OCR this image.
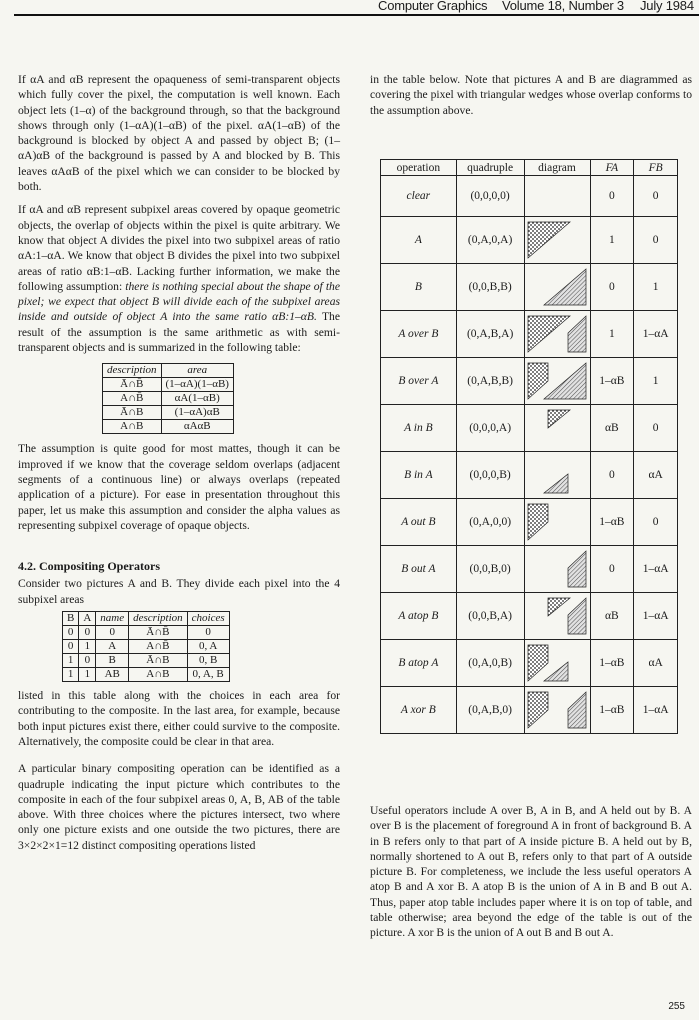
Computer Graphics Volume 18, Number 3 July 1984

If αA and αB represent the opaqueness of semi-transparent objects which fully cover the pixel, the computation is well known. Each object lets (1–α) of the background through, so that the background shows through only (1–αA)(1–αB) of the pixel. αA(1–αB) of the background is blocked by object A and passed by object B; (1–αA)αB of the background is passed by A and blocked by B. This leaves αAαB of the pixel which we can consider to be blocked by both.

If αA and αB represent subpixel areas covered by opaque geometric objects, the overlap of objects within the pixel is quite arbitrary. We know that object A divides the pixel into two subpixel areas of ratio αA:1–αA. We know that object B divides the pixel into two subpixel areas of ratio αB:1–αB. Lacking further information, we make the following assumption: there is nothing special about the shape of the pixel; we expect that object B will divide each of the subpixel areas inside and outside of object A into the same ratio αB:1–αB. The result of the assumption is the same arithmetic as with semi-transparent objects and is summarized in the following table:

description	area
Ā∩B̄	(1–αA)(1–αB)
A∩B̄	αA(1–αB)
Ā∩B	(1–αA)αB
A∩B	αAαB

The assumption is quite good for most mattes, though it can be improved if we know that the coverage seldom overlaps (adjacent segments of a continuous line) or always overlaps (repeated application of a picture). For ease in presentation throughout this paper, let us make this assumption and consider the alpha values as representing subpixel coverage of opaque objects.

4.2. Compositing Operators

Consider two pictures A and B. They divide each pixel into the 4 subpixel areas

B	A	name	description	choices
0	0	0	Ā∩B̄	0
0	1	A	A∩B̄	0, A
1	0	B	Ā∩B	0, B
1	1	AB	A∩B	0, A, B

listed in this table along with the choices in each area for contributing to the composite. In the last area, for example, because both input pictures exist there, either could survive to the composite. Alternatively, the composite could be clear in that area.

A particular binary compositing operation can be identified as a quadruple indicating the input picture which contributes to the composite in each of the four subpixel areas 0, A, B, AB of the table above. With three choices where the pictures intersect, two where only one picture exists and one outside the two pictures, there are 3×2×2×1=12 distinct compositing operations listed

in the table below. Note that pictures A and B are diagrammed as covering the pixel with triangular wedges whose overlap conforms to the assumption above.

operation	quadruple	diagram	FA	FB
clear	(0,0,0,0)		0	0
A	(0,A,0,A)		1	0
B	(0,0,B,B)		0	1
A over B	(0,A,B,A)		1	1–αA
B over A	(0,A,B,B)		1–αB	1
A in B	(0,0,0,A)		αB	0
B in A	(0,0,0,B)		0	αA
A out B	(0,A,0,0)		1–αB	0
B out A	(0,0,B,0)		0	1–αA
A atop B	(0,0,B,A)		αB	1–αA
B atop A	(0,A,0,B)		1–αB	αA
A xor B	(0,A,B,0)		1–αB	1–αA

Useful operators include A over B, A in B, and A held out by B. A over B is the placement of foreground A in front of background B. A in B refers only to that part of A inside picture B. A held out by B, normally shortened to A out B, refers only to that part of A outside picture B. For completeness, we include the less useful operators A atop B and A xor B. A atop B is the union of A in B and B out A. Thus, paper atop table includes paper where it is on top of table, and table otherwise; area beyond the edge of the table is out of the picture. A xor B is the union of A out B and B out A.

255
